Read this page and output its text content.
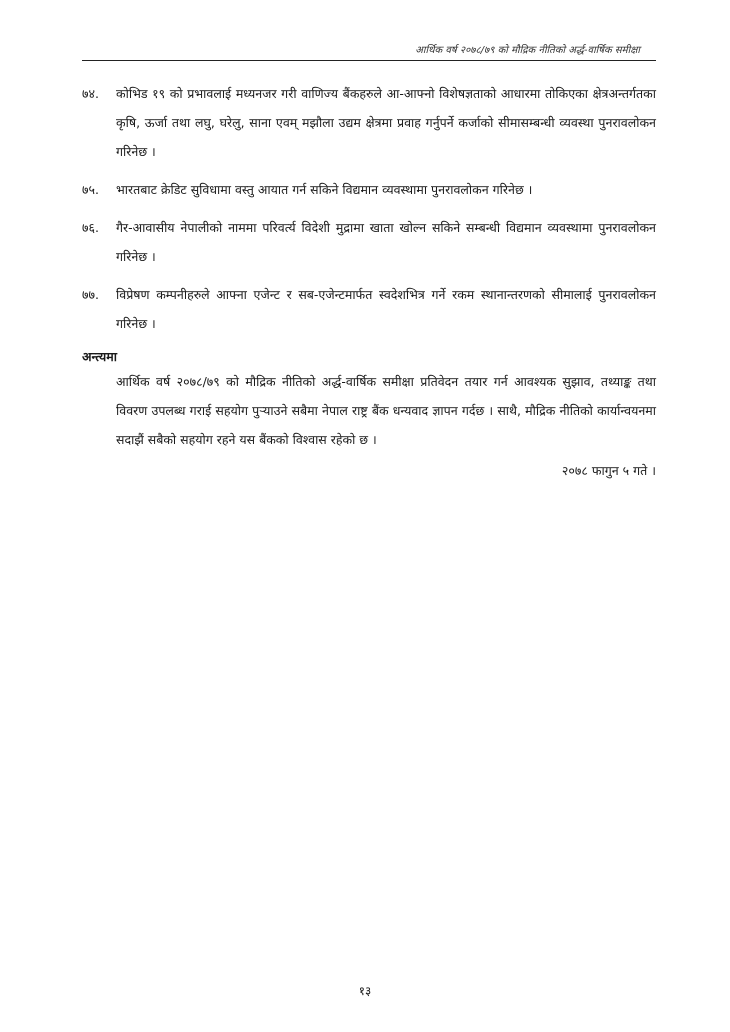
आर्थिक वर्ष २०७८/७९ को मौद्रिक नीतिको अर्द्ध-वार्षिक समीक्षा
७४.	कोभिड १९ को प्रभावलाई मध्यनजर गरी वाणिज्य बैंकहरुले आ-आफ्नो विशेषज्ञताको आधारमा तोकिएका क्षेत्रअन्तर्गतका कृषि, ऊर्जा तथा लघु, घरेलु, साना एवम् मझौला उद्यम क्षेत्रमा प्रवाह गर्नुपर्ने कर्जाको सीमासम्बन्धी व्यवस्था पुनरावलोकन गरिनेछ ।

७५.	भारतबाट क्रेडिट सुविधामा वस्तु आयात गर्न सकिने विद्यमान व्यवस्थामा पुनरावलोकन गरिनेछ ।

७६.	गैर-आवासीय नेपालीको नाममा परिवर्त्य विदेशी मुद्रामा खाता खोल्न सकिने सम्बन्धी विद्यमान व्यवस्थामा पुनरावलोकन गरिनेछ ।

७७.	विप्रेषण कम्पनीहरुले आफ्ना एजेन्ट र सब-एजेन्टमार्फत स्वदेशभित्र गर्ने रकम स्थानान्तरणको सीमालाई पुनरावलोकन गरिनेछ ।

अन्त्यमा

आर्थिक वर्ष २०७८/७९ को मौद्रिक नीतिको अर्द्ध-वार्षिक समीक्षा प्रतिवेदन तयार गर्न आवश्यक सुझाव, तथ्याङ्क तथा विवरण उपलब्ध गराई सहयोग पुर्‍याउने सबैमा नेपाल राष्ट्र बैंक धन्यवाद ज्ञापन गर्दछ । साथै, मौद्रिक नीतिको कार्यान्वयनमा सदाझैं सबैको सहयोग रहने यस बैंकको विश्वास रहेको छ ।

२०७८ फागुन ५ गते ।

१३
